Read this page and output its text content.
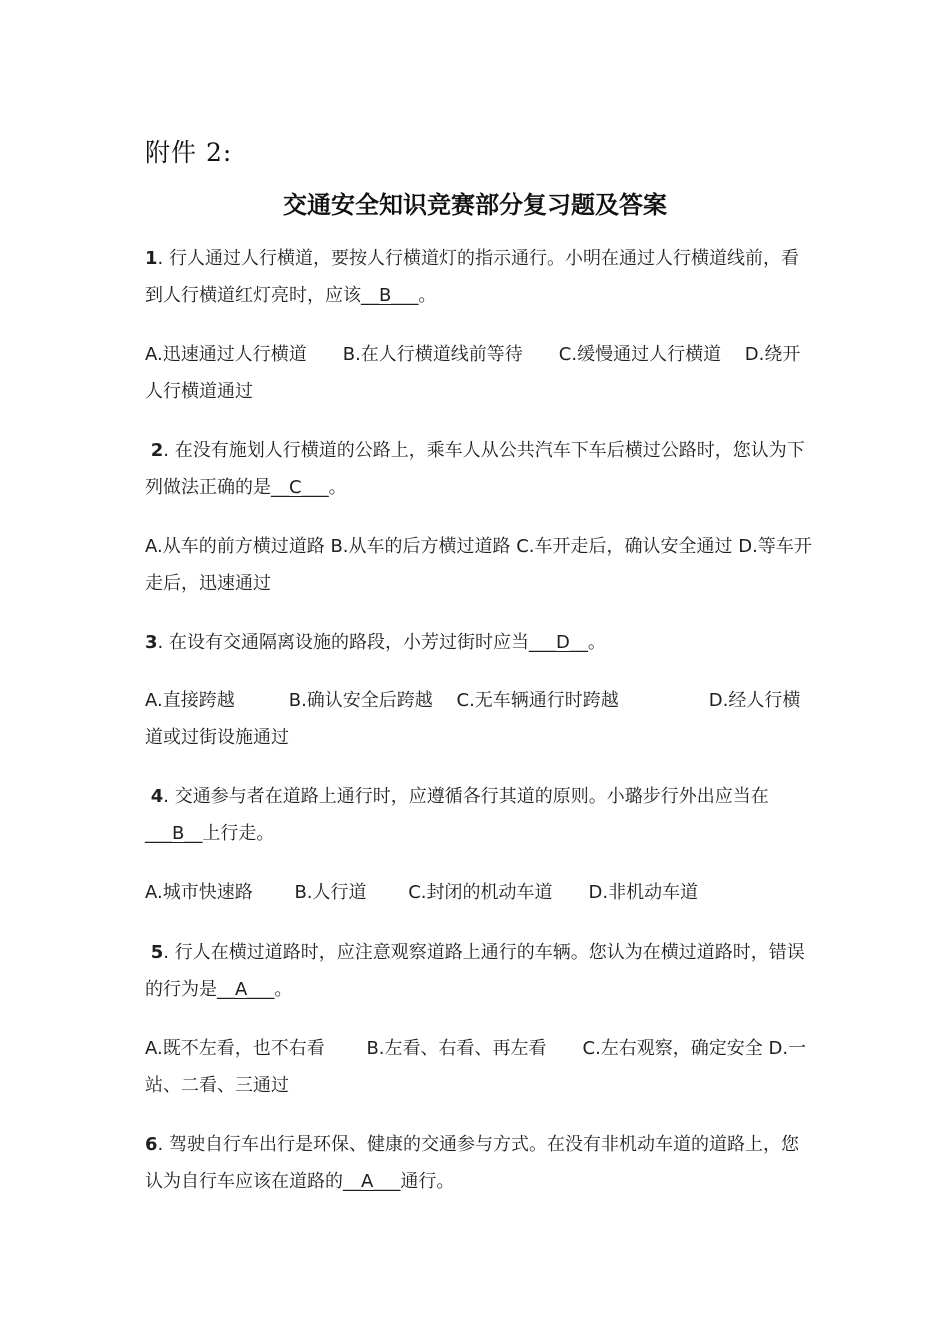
附件 2:
交通安全知识竞赛部分复习题及答案

1. 行人通过人行横道，要按人行横道灯的指示通行。小明在通过人行横道线前，看到人行横道红灯亮时，应该__B___。

A.迅速通过人行横道　　B.在人行横道线前等待　　C.缓慢通过人行横道　 D.绕开人行横道通过

2. 在没有施划人行横道的公路上，乘车人从公共汽车下车后横过公路时，您认为下列做法正确的是__C___。

A.从车的前方横过道路 B.从车的后方横过道路 C.车开走后，确认安全通过 D.等车开走后，迅速通过

3. 在设有交通隔离设施的路段，小芳过街时应当___D__。

A.直接跨越　　　B.确认安全后跨越　 C.无车辆通行时跨越　　　　　D.经人行横道或过街设施通过

4. 交通参与者在道路上通行时，应遵循各行其道的原则。小璐步行外出应当在___B__上行走。

A.城市快速路　　 B.人行道　　 C.封闭的机动车道　　D.非机动车道

5. 行人在横过道路时，应注意观察道路上通行的车辆。您认为在横过道路时，错误的行为是__A___。

A.既不左看，也不右看　　 B.左看、右看、再左看　　C.左右观察，确定安全 D.一站、二看、三通过

6. 驾驶自行车出行是环保、健康的交通参与方式。在没有非机动车道的道路上，您认为自行车应该在道路的__A___通行。
